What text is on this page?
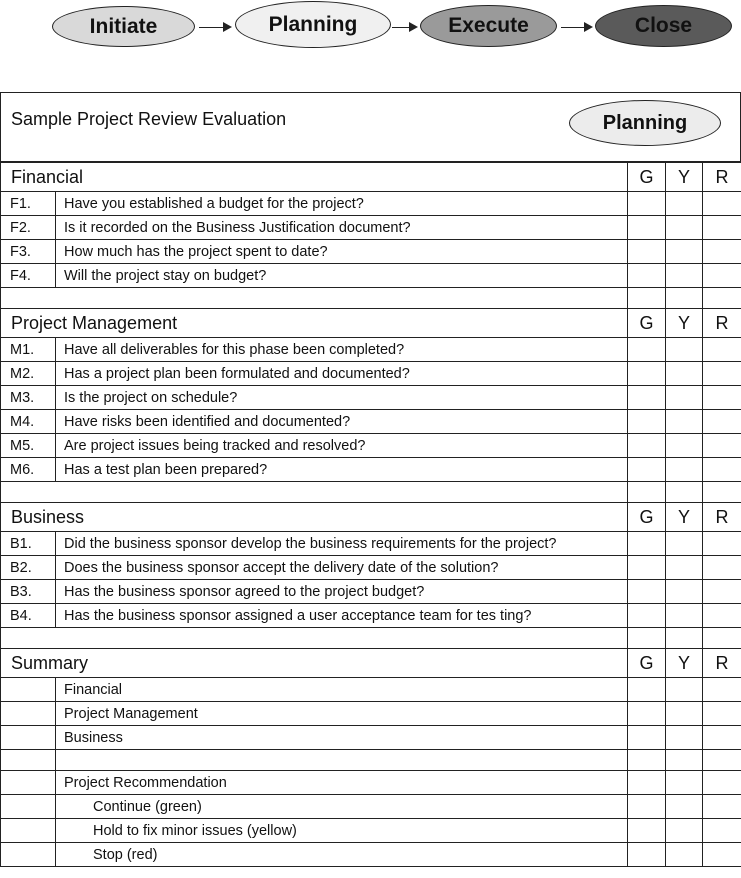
Initiate	Planning	Execute	Close
Sample Project Review Evaluation	Planning
Financial		G	Y	R
F1.	Have you established a budget for the project?			
F2.	Is it recorded on the Business Justification document?			
F3.	How much has the project spent to date?			
F4.	Will the project stay on budget?			

Project Management		G	Y	R
M1.	Have all deliverables for this phase been completed?			
M2.	Has a project plan been formulated and documented?			
M3.	Is the project on schedule?			
M4.	Have risks been identified and documented?			
M5.	Are project issues being tracked and resolved?			
M6.	Has a test plan been prepared?			

Business		G	Y	R
B1.	Did the business sponsor develop the business requirements for the project?			
B2.	Does the business sponsor accept the delivery date of the solution?			
B3.	Has the business sponsor agreed to the project budget?			
B4.	Has the business sponsor assigned a user acceptance team for tes ting?			

Summary		G	Y	R
	Financial			
	Project Management			
	Business			

	Project Recommendation			
	Continue (green)			
	Hold to fix minor issues (yellow)			
	Stop (red)			
